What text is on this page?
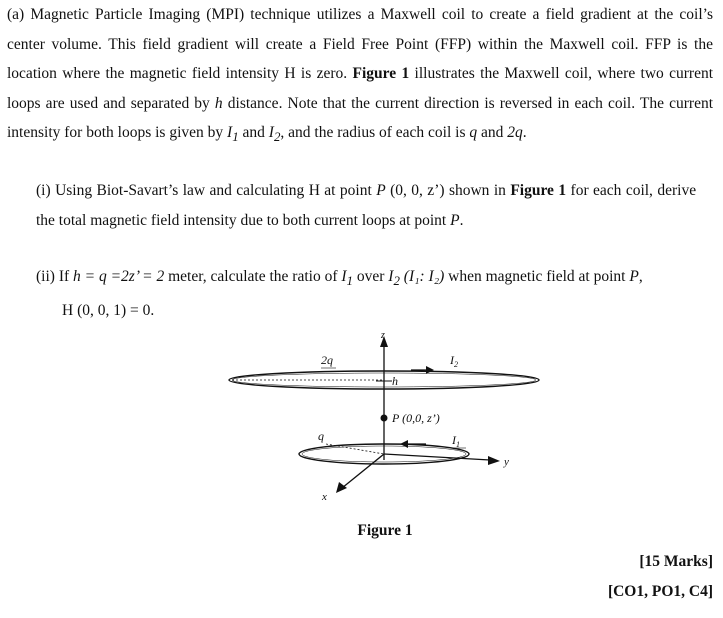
(a) Magnetic Particle Imaging (MPI) technique utilizes a Maxwell coil to create a field gradient at the coil’s center volume. This field gradient will create a Field Free Point (FFP) within the Maxwell coil. FFP is the location where the magnetic field intensity H is zero. Figure 1 illustrates the Maxwell coil, where two current loops are used and separated by h distance. Note that the current direction is reversed in each coil. The current intensity for both loops is given by $I_1$ and $I_2$, and the radius of each coil is q and 2q.
(i) Using Biot-Savart’s law and calculating H at point P (0, 0, z’) shown in Figure 1 for each coil, derive the total magnetic field intensity due to both current loops at point P.
(ii) If h = q =2z’ = 2 meter, calculate the ratio of $I_1$ over $I_2$ (I₁: I₂) when magnetic field at point P,
H (0, 0, 1) = 0.
z
2q
h
$I_2$
P (0,0, z’)
q	$I_1$
y
x
Figure 1
[15 Marks]
[CO1, PO1, C4]
